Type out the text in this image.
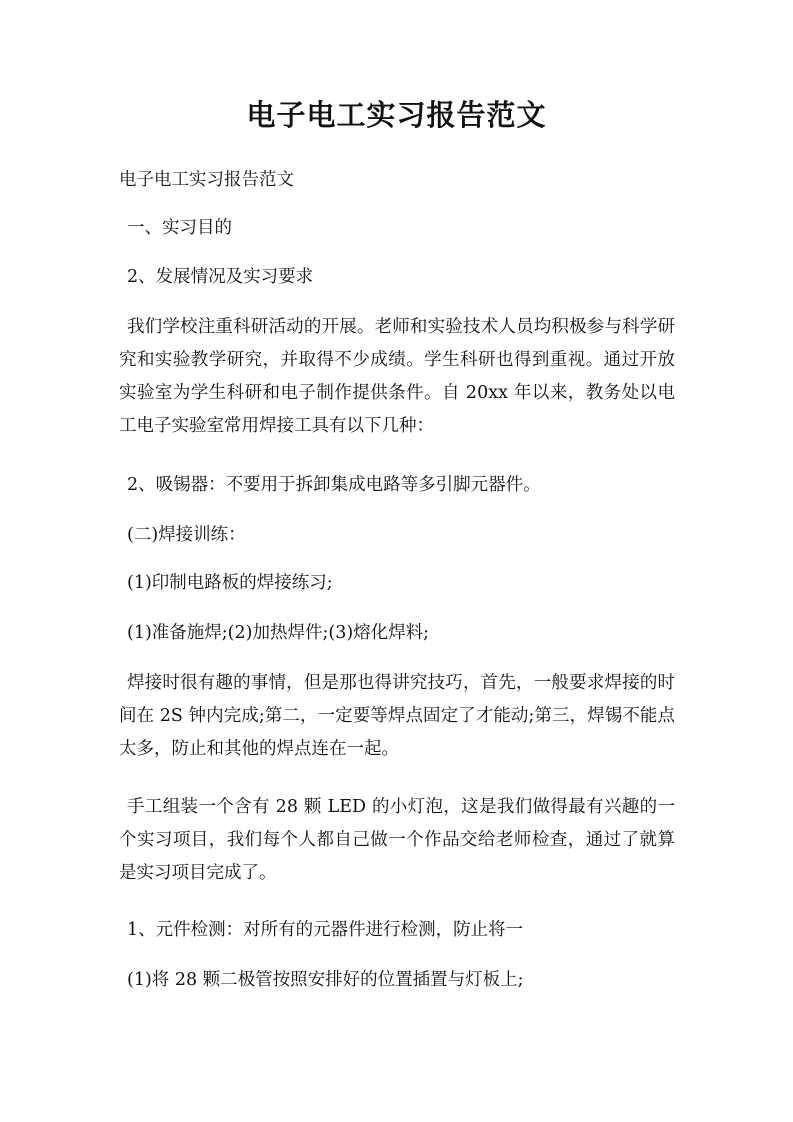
电子电工实习报告范文

电子电工实习报告范文

一、实习目的

2、发展情况及实习要求

我们学校注重科研活动的开展。老师和实验技术人员均积极参与科学研究和实验教学研究，并取得不少成绩。学生科研也得到重视。通过开放实验室为学生科研和电子制作提供条件。自 20xx 年以来，教务处以电工电子实验室常用焊接工具有以下几种：

2、吸锡器：不要用于拆卸集成电路等多引脚元器件。

(二)焊接训练：

(1)印制电路板的焊接练习;

(1)准备施焊;(2)加热焊件;(3)熔化焊料;

焊接时很有趣的事情，但是那也得讲究技巧，首先，一般要求焊接的时间在 2S 钟内完成;第二，一定要等焊点固定了才能动;第三，焊锡不能点太多，防止和其他的焊点连在一起。

手工组装一个含有 28 颗 LED 的小灯泡，这是我们做得最有兴趣的一个实习项目，我们每个人都自己做一个作品交给老师检查，通过了就算是实习项目完成了。

1、元件检测：对所有的元器件进行检测，防止将一

(1)将 28 颗二极管按照安排好的位置插置与灯板上;
